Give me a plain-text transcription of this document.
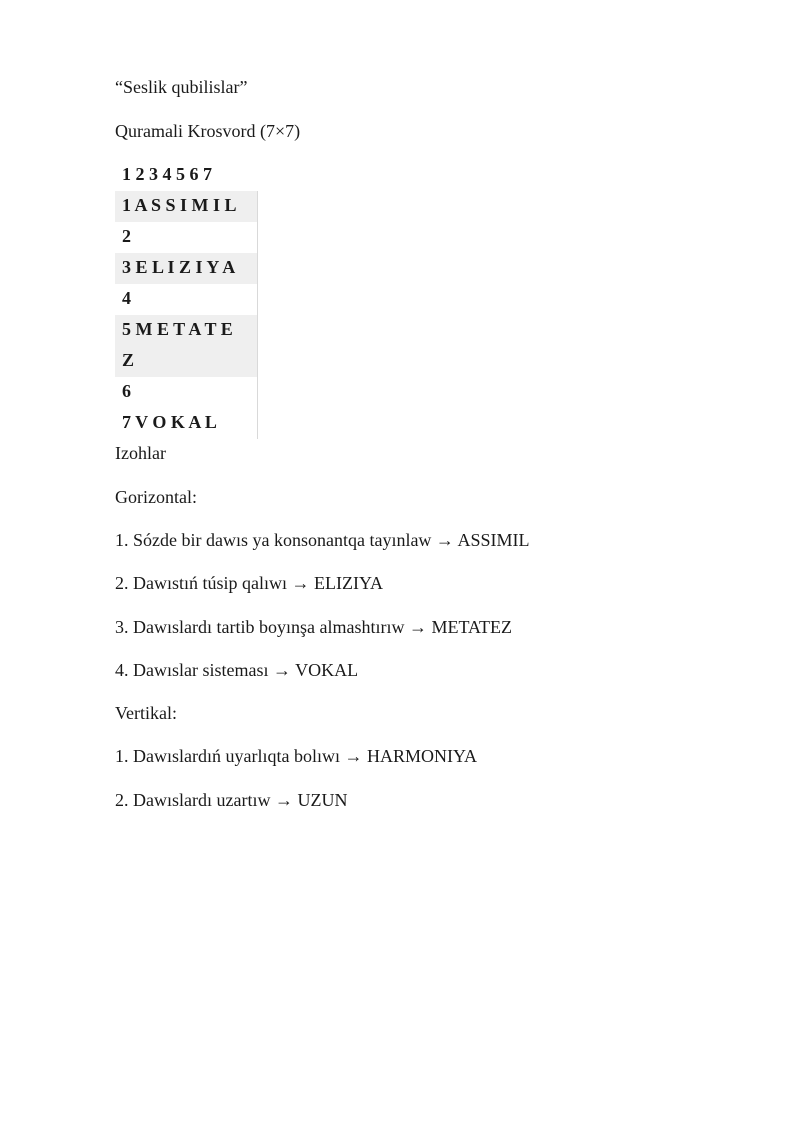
“Seslik qubilislar”
Quramali Krosvord (7×7)
1 2 3 4 5 6 7
1 A S S I M I L
2
3 E L I Z I Y A
4
5 M E T A T E
Z
6
7 V O K A L
Izohlar
Gorizontal:
1. Sózde bir dawıs ya konsonantqa tayınlaw → ASSIMIL
2. Dawıstıń túsip qalıwı → ELIZIYA
3. Dawıslardı tartib boyınşa almashtırıw → METATEZ
4. Dawıslar sisteması → VOKAL
Vertikal:
1. Dawıslardıń uyarlıqta bolıwı → HARMONIYA
2. Dawıslardı uzartıw → UZUN
